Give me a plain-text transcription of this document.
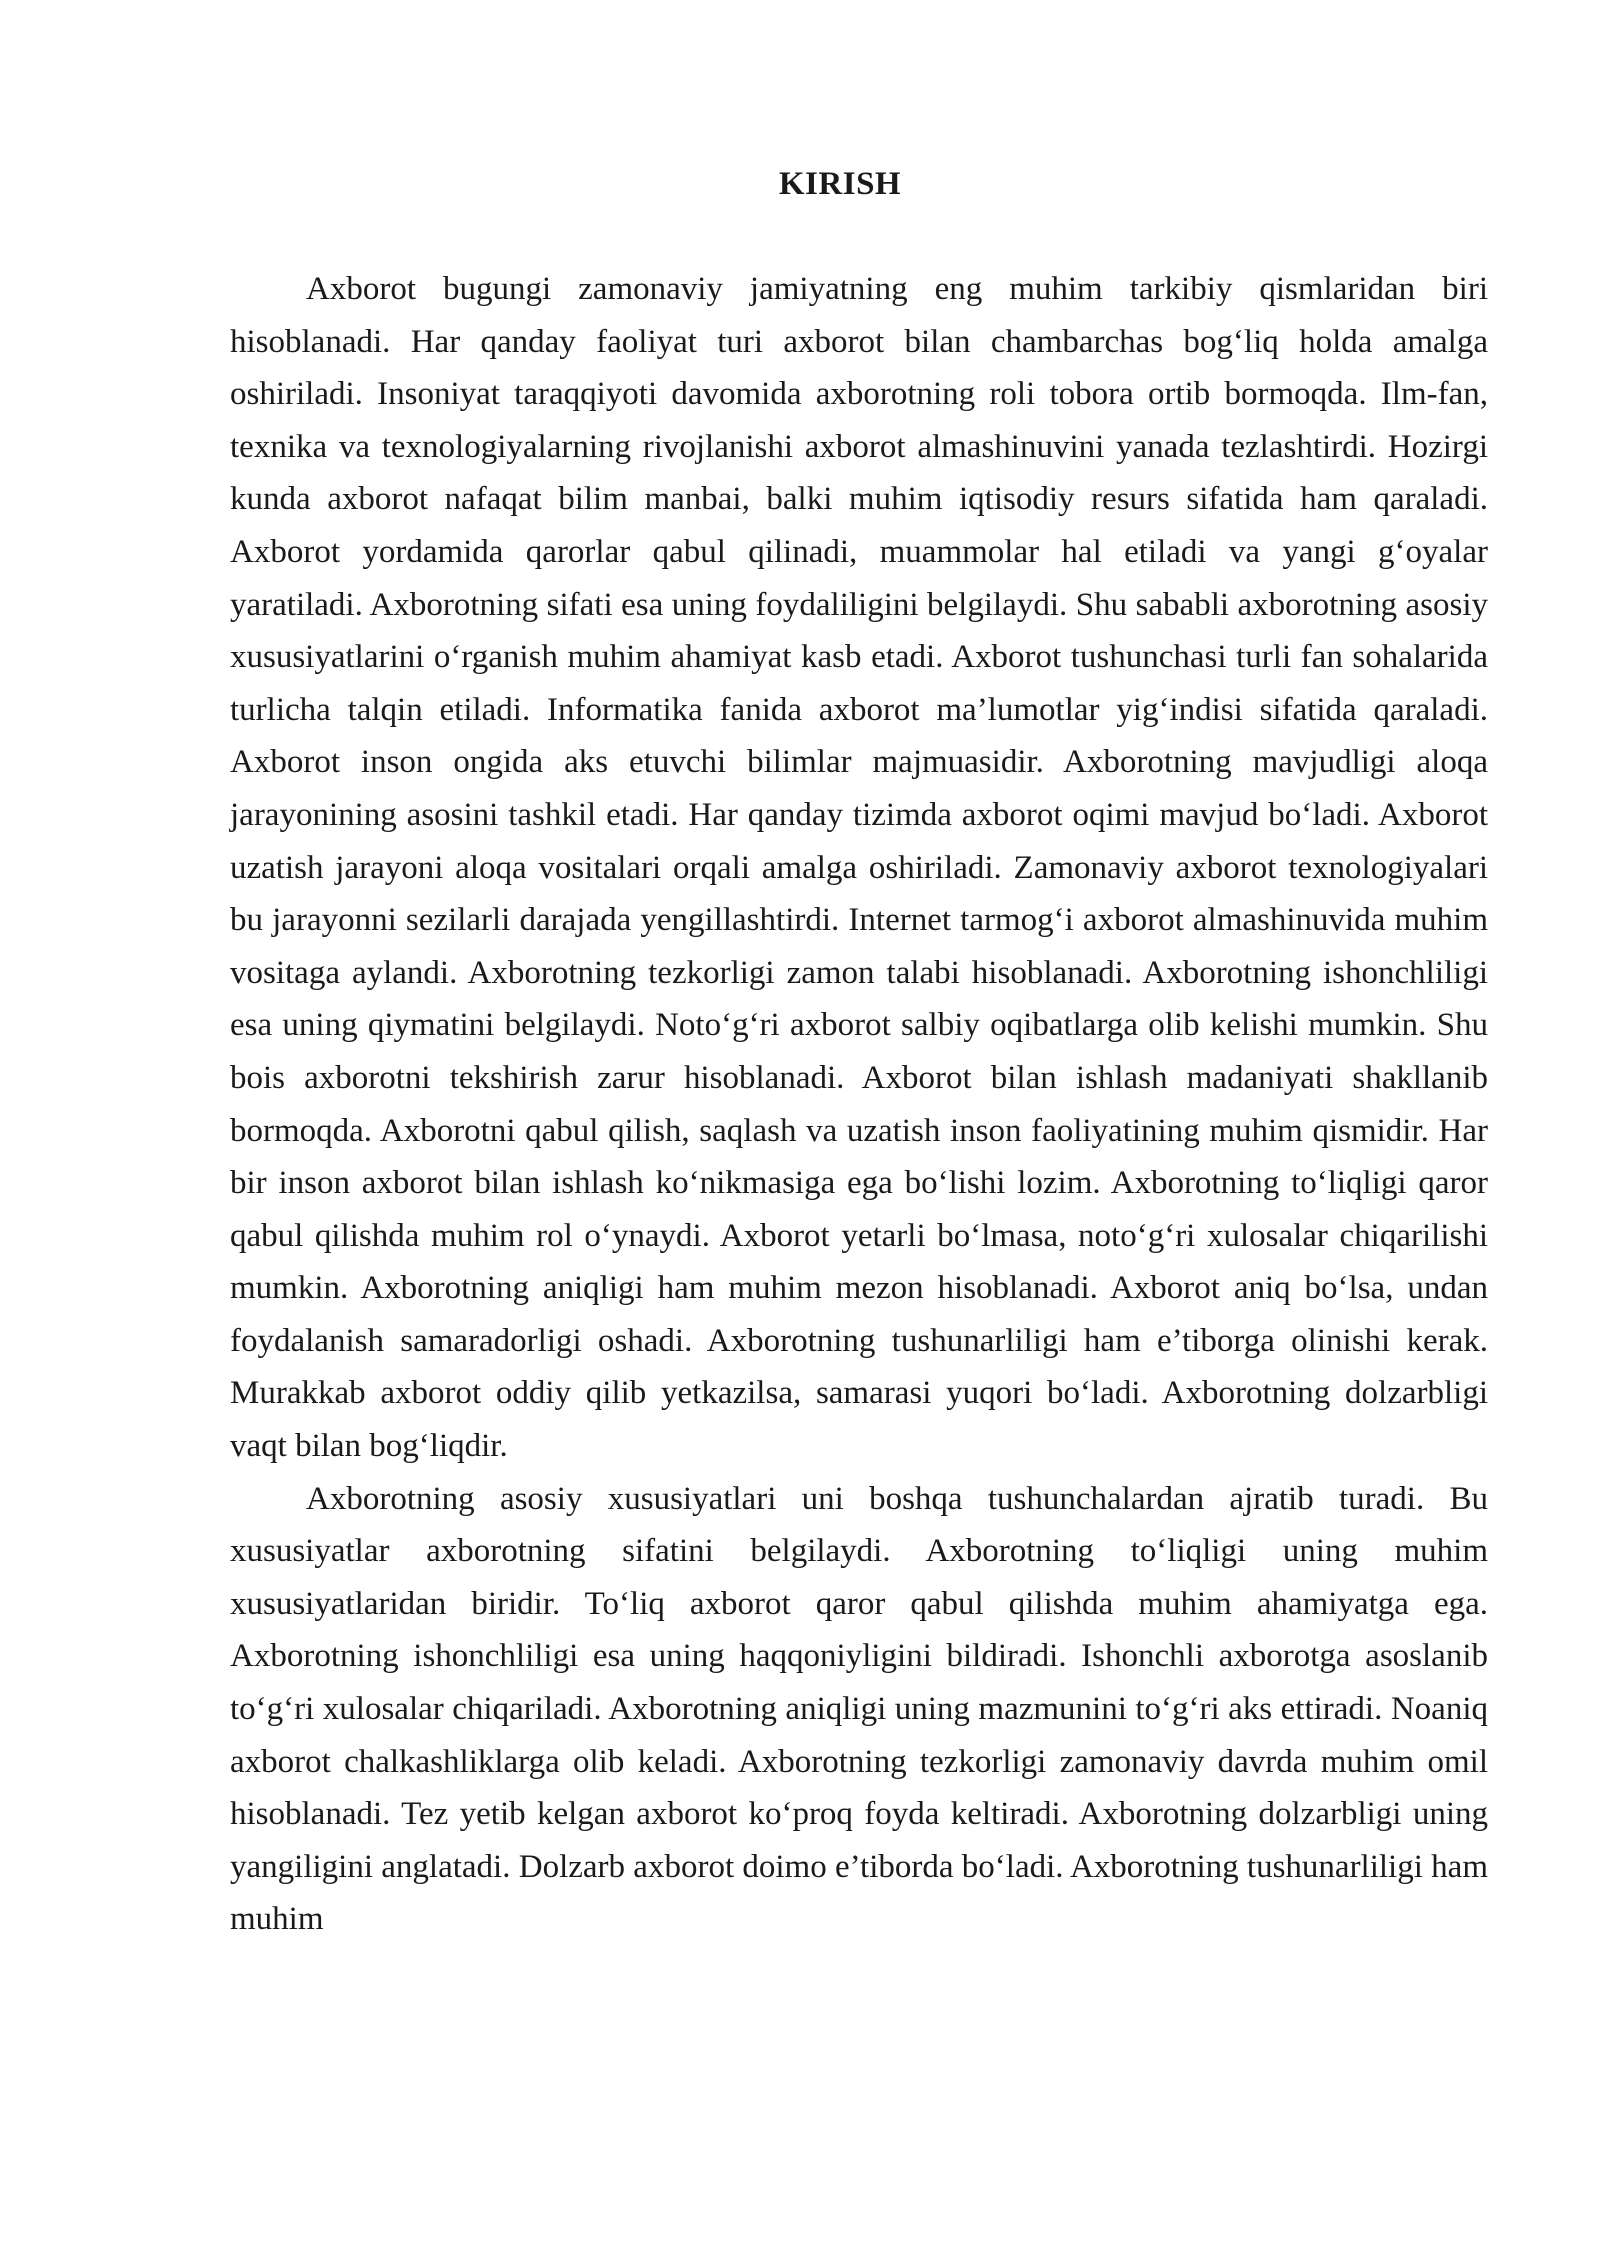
KIRISH

Axborot bugungi zamonaviy jamiyatning eng muhim tarkibiy qismlaridan biri hisoblanadi. Har qanday faoliyat turi axborot bilan chambarchas bog‘liq holda amalga oshiriladi. Insoniyat taraqqiyoti davomida axborotning roli tobora ortib bormoqda. Ilm-fan, texnika va texnologiyalarning rivojlanishi axborot almashinuvini yanada tezlashtirdi. Hozirgi kunda axborot nafaqat bilim manbai, balki muhim iqtisodiy resurs sifatida ham qaraladi. Axborot yordamida qarorlar qabul qilinadi, muammolar hal etiladi va yangi g‘oyalar yaratiladi. Axborotning sifati esa uning foydaliligini belgilaydi. Shu sababli axborotning asosiy xususiyatlarini o‘rganish muhim ahamiyat kasb etadi. Axborot tushunchasi turli fan sohalarida turlicha talqin etiladi. Informatika fanida axborot ma’lumotlar yig‘indisi sifatida qaraladi. Axborot inson ongida aks etuvchi bilimlar majmuasidir. Axborotning mavjudligi aloqa jarayonining asosini tashkil etadi. Har qanday tizimda axborot oqimi mavjud bo‘ladi. Axborot uzatish jarayoni aloqa vositalari orqali amalga oshiriladi. Zamonaviy axborot texnologiyalari bu jarayonni sezilarli darajada yengillashtirdi. Internet tarmog‘i axborot almashinuvida muhim vositaga aylandi. Axborotning tezkorligi zamon talabi hisoblanadi. Axborotning ishonchliligi esa uning qiymatini belgilaydi. Noto‘g‘ri axborot salbiy oqibatlarga olib kelishi mumkin. Shu bois axborotni tekshirish zarur hisoblanadi. Axborot bilan ishlash madaniyati shakllanib bormoqda. Axborotni qabul qilish, saqlash va uzatish inson faoliyatining muhim qismidir. Har bir inson axborot bilan ishlash ko‘nikmasiga ega bo‘lishi lozim. Axborotning to‘liqligi qaror qabul qilishda muhim rol o‘ynaydi. Axborot yetarli bo‘lmasa, noto‘g‘ri xulosalar chiqarilishi mumkin. Axborotning aniqligi ham muhim mezon hisoblanadi. Axborot aniq bo‘lsa, undan foydalanish samaradorligi oshadi. Axborotning tushunarliligi ham e’tiborga olinishi kerak. Murakkab axborot oddiy qilib yetkazilsa, samarasi yuqori bo‘ladi. Axborotning dolzarbligi vaqt bilan bog‘liqdir.

Axborotning asosiy xususiyatlari uni boshqa tushunchalardan ajratib turadi. Bu xususiyatlar axborotning sifatini belgilaydi. Axborotning to‘liqligi uning muhim xususiyatlaridan biridir. To‘liq axborot qaror qabul qilishda muhim ahamiyatga ega. Axborotning ishonchliligi esa uning haqqoniyligini bildiradi. Ishonchli axborotga asoslanib to‘g‘ri xulosalar chiqariladi. Axborotning aniqligi uning mazmunini to‘g‘ri aks ettiradi. Noaniq axborot chalkashliklarga olib keladi. Axborotning tezkorligi zamonaviy davrda muhim omil hisoblanadi. Tez yetib kelgan axborot ko‘proq foyda keltiradi. Axborotning dolzarbligi uning yangiligini anglatadi. Dolzarb axborot doimo e’tiborda bo‘ladi. Axborotning tushunarliligi ham muhim
